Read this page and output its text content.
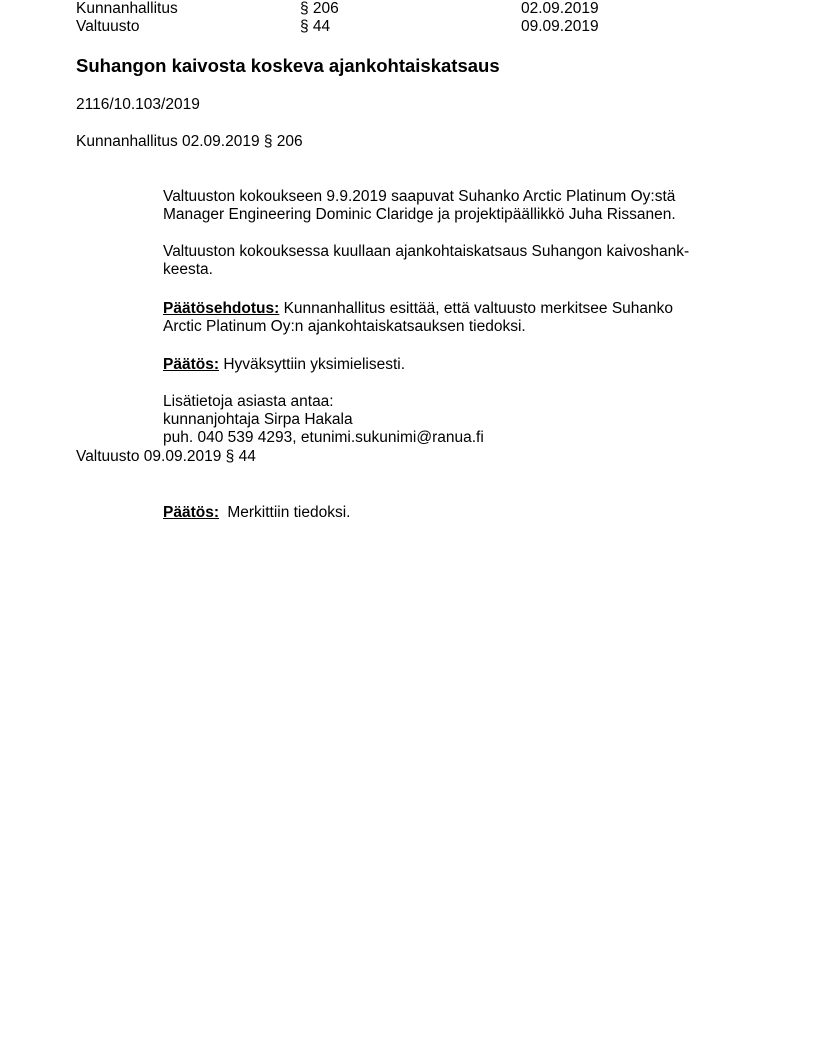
Kunnanhallitus	§ 206	02.09.2019
Valtuusto	§ 44	09.09.2019
Suhangon kaivosta koskeva ajankohtaiskatsaus
2116/10.103/2019
Kunnanhallitus 02.09.2019 § 206

Valtuuston kokoukseen 9.9.2019 saapuvat Suhanko Arctic Platinum Oy:stä

Manager Engineering Dominic Claridge ja projektipäällikkö Juha Rissanen.

Valtuuston kokouksessa kuullaan ajankohtaiskatsaus Suhangon kaivoshank-

keesta.

Päätösehdotus: Kunnanhallitus esittää, että valtuusto merkitsee Suhanko

Arctic Platinum Oy:n ajankohtaiskatsauksen tiedoksi.

Päätös: Hyväksyttiin yksimielisesti.

Lisätietoja asiasta antaa:

kunnanjohtaja Sirpa Hakala

puh. 040 539 4293, etunimi.sukunimi@ranua.fi

Valtuusto 09.09.2019 § 44

Päätös: Merkittiin tiedoksi.
